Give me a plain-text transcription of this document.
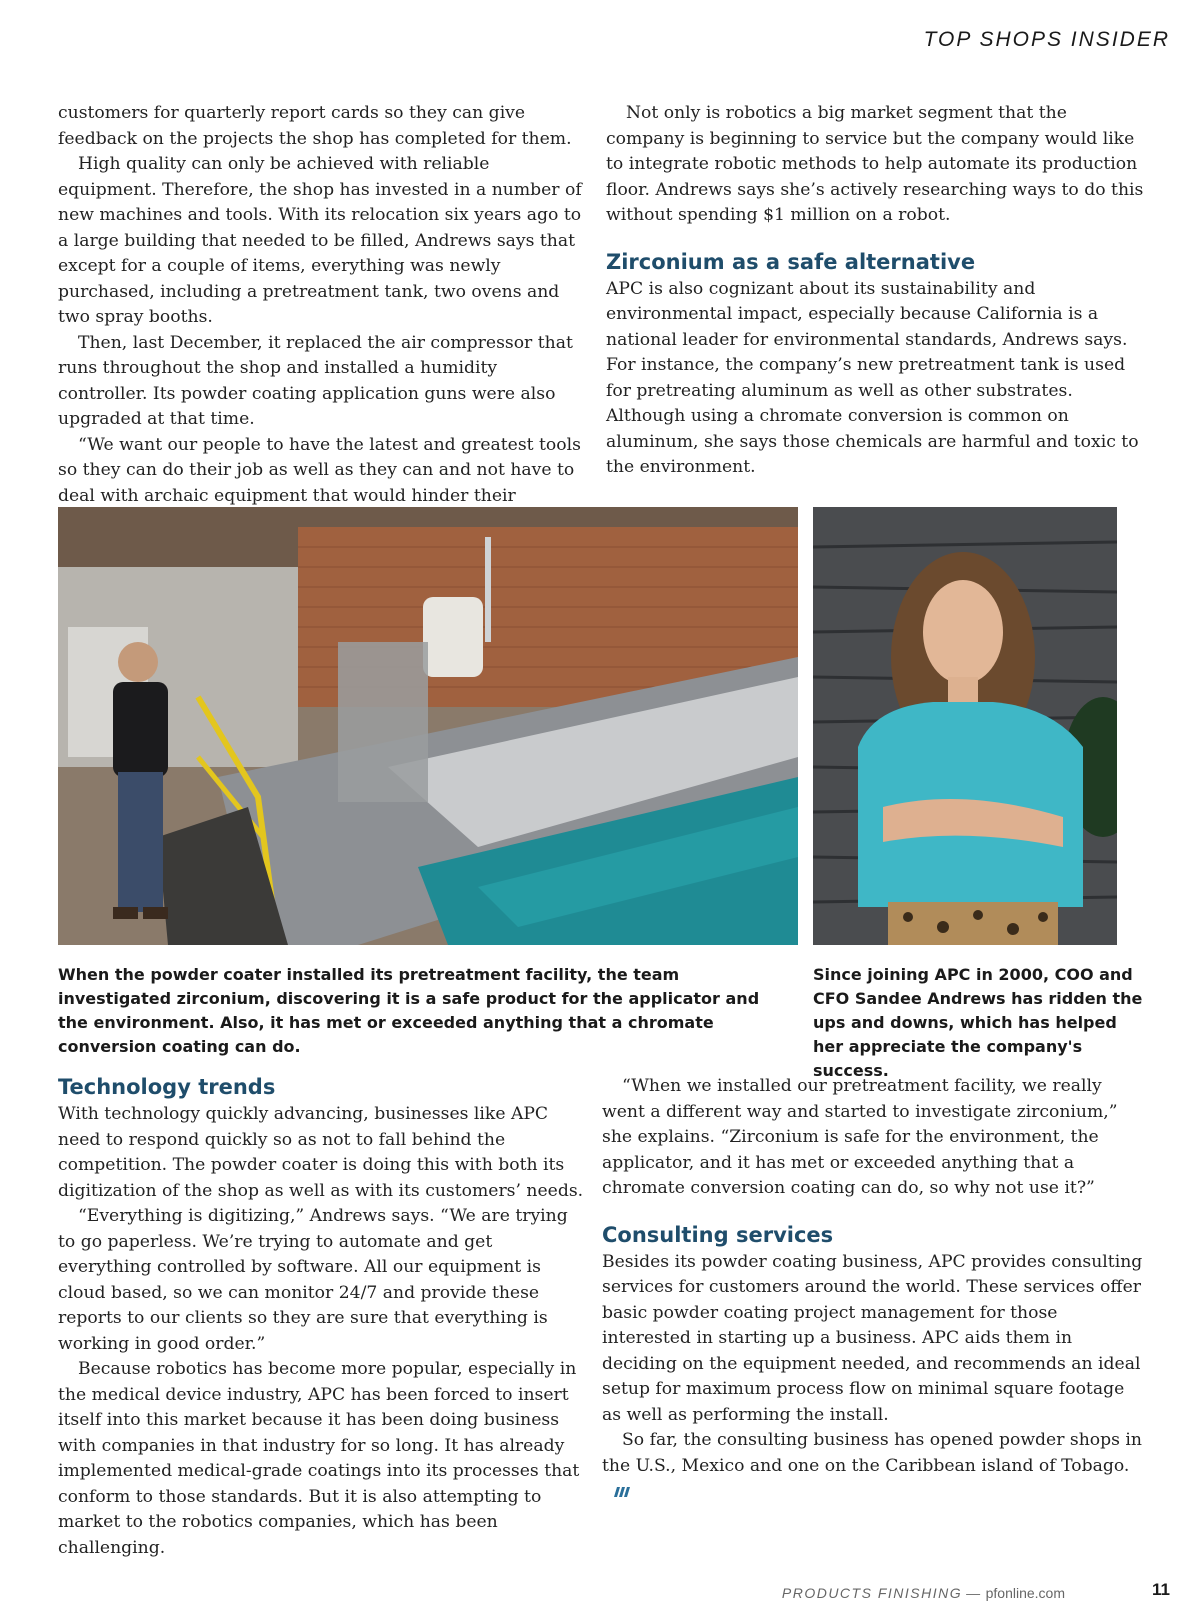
TOP SHOPS INSIDER

customers for quarterly report cards so they can give feedback on the projects the shop has completed for them.

High quality can only be achieved with reliable equipment. Therefore, the shop has invested in a number of new machines and tools. With its relocation six years ago to a large building that needed to be filled, Andrews says that except for a couple of items, everything was newly purchased, including a pretreatment tank, two ovens and two spray booths.

Then, last December, it replaced the air compressor that runs throughout the shop and installed a humidity controller. Its powder coating application guns were also upgraded at that time.

“We want our people to have the latest and greatest tools so they can do their job as well as they can and not have to deal with archaic equipment that would hinder their

Not only is robotics a big market segment that the company is beginning to service but the company would like to integrate robotic methods to help automate its production floor. Andrews says she’s actively researching ways to do this without spending $1 million on a robot.

Zirconium as a safe alternative

APC is also cognizant about its sustainability and environmental impact, especially because California is a national leader for environmental standards, Andrews says. For instance, the company’s new pretreatment tank is used for pretreating aluminum as well as other substrates. Although using a chromate conversion is common on aluminum, she says those chemicals are harmful and toxic to the environment.

When the powder coater installed its pretreatment facility, the team investigated zirconium, discovering it is a safe product for the applicator and the environment. Also, it has met or exceeded anything that a chromate conversion coating can do.
Since joining APC in 2000, COO and CFO Sandee Andrews has ridden the ups and downs, which has helped her appreciate the company's success.
Technology trends

With technology quickly advancing, businesses like APC need to respond quickly so as not to fall behind the competition. The powder coater is doing this with both its digitization of the shop as well as with its customers’ needs.

“Everything is digitizing,” Andrews says. “We are trying to go paperless. We’re trying to automate and get everything controlled by software. All our equipment is cloud based, so we can monitor 24/7 and provide these reports to our clients so they are sure that everything is working in good order.”

Because robotics has become more popular, especially in the medical device industry, APC has been forced to insert itself into this market because it has been doing business with companies in that industry for so long. It has already implemented medical-grade coatings into its processes that conform to those standards. But it is also attempting to market to the robotics companies, which has been challenging.

“When we installed our pretreatment facility, we really went a different way and started to investigate zirconium,” she explains. “Zirconium is safe for the environment, the applicator, and it has met or exceeded anything that a chromate conversion coating can do, so why not use it?”

Consulting services

Besides its powder coating business, APC provides consulting services for customers around the world. These services offer basic powder coating project management for those interested in starting up a business. APC aids them in deciding on the equipment needed, and recommends an ideal setup for maximum process flow on minimal square footage as well as performing the install.

So far, the consulting business has opened powder shops in the U.S., Mexico and one on the Caribbean island of Tobago.

PRODUCTS FINISHING — pfonline.com	11
